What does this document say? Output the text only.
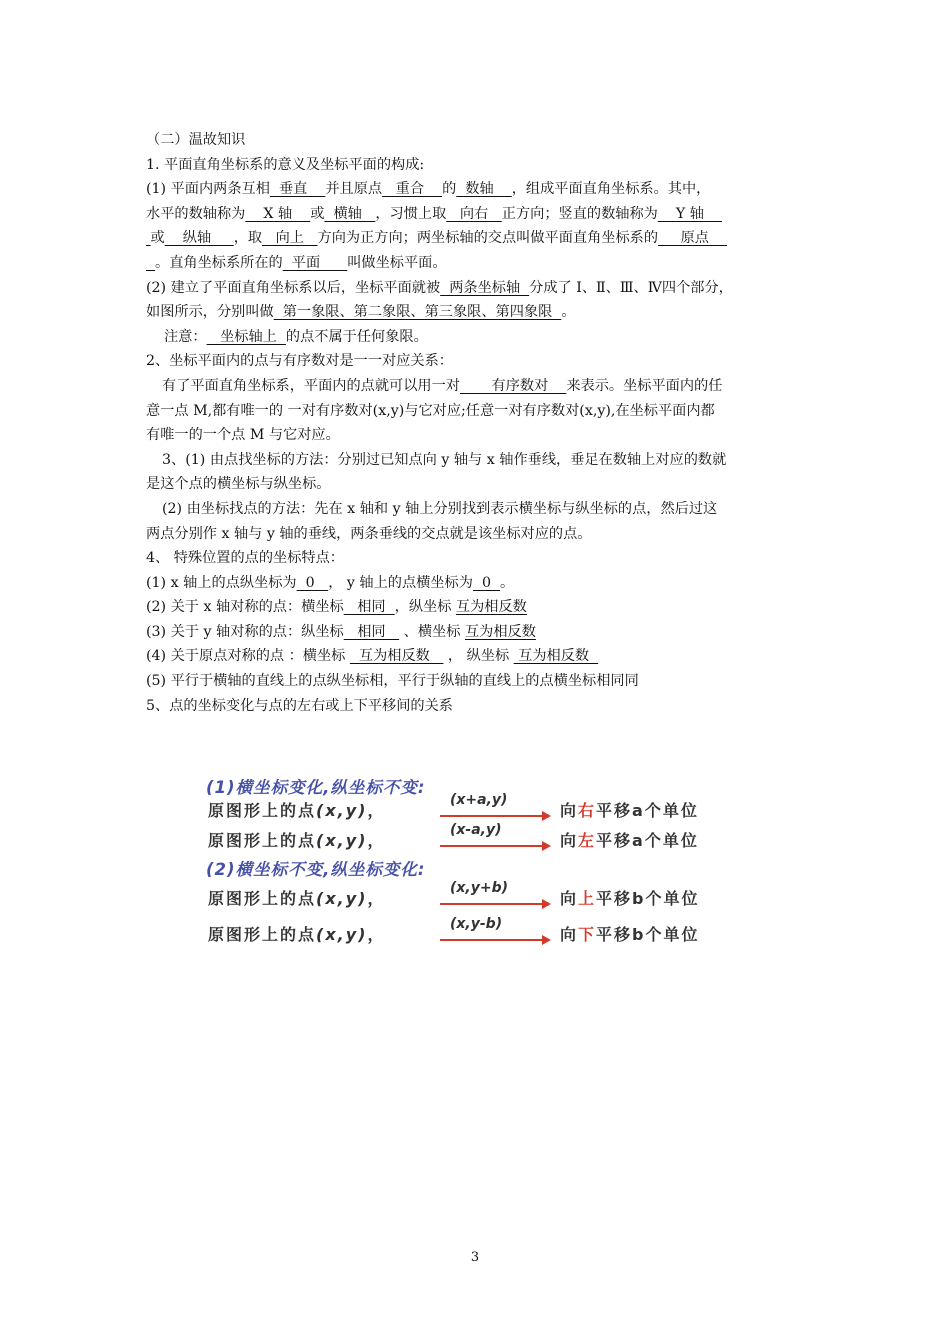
（二）温故知识
1. 平面直角坐标系的意义及坐标平面的构成:
(1) 平面内两条互相  垂直    并且原点   重合    的  数轴    ，组成平面直角坐标系。其中，
水平的数轴称为    X 轴    或  横轴   ，习惯上取   向右   正方向；竖直的数轴称为    Y 轴
或    纵轴     ，取   向上   方向为正方向；两坐标轴的交点叫做平面直角坐标系的     原点
。直角坐标系所在的  平面      叫做坐标平面。
(2) 建立了平面直角坐标系以后，坐标平面就被  两条坐标轴  分成了 Ⅰ、Ⅱ、Ⅲ、Ⅳ四个部分，
如图所示，分别叫做  第一象限、第二象限、第三象限、第四象限  。
注意：   坐标轴上  的点不属于任何象限。
2、坐标平面内的点与有序数对是一一对应关系：
有了平面直角坐标系，平面内的点就可以用一对       有序数对    来表示。坐标平面内的任
意一点 M,都有唯一的 一对有序数对(x,y)与它对应;任意一对有序数对(x,y),在坐标平面内都
有唯一的一个点 M 与它对应。
3、(1) 由点找坐标的方法：分别过已知点向 y 轴与 x 轴作垂线，垂足在数轴上对应的数就
是这个点的横坐标与纵坐标。
(2) 由坐标找点的方法：先在 x 轴和 y 轴上分别找到表示横坐标与纵坐标的点，然后过这
两点分别作 x 轴与 y 轴的垂线，两条垂线的交点就是该坐标对应的点。
4、 特殊位置的点的坐标特点：
(1) x 轴上的点纵坐标为  0   ， y 轴上的点横坐标为  0  。
(2) 关于 x 轴对称的点：横坐标   相同  ，纵坐标 互为相反数
(3) 关于 y 轴对称的点：纵坐标   相同    、横坐标 互为相反数
(4) 关于原点对称的点 ：横坐标   互为相反数    ， 纵坐标  互为相反数
(5) 平行于横轴的直线上的点纵坐标相，平行于纵轴的直线上的点横坐标相同同
5、点的坐标变化与点的左右或上下平移间的关系
(1)横坐标变化,纵坐标不变:
原图形上的点(x,y)，
(x+a,y)
向右平移a个单位
原图形上的点(x,y)，
(x-a,y)
向左平移a个单位
(2)横坐标不变,纵坐标变化:
原图形上的点(x,y)，
(x,y+b)
向上平移b个单位
原图形上的点(x,y)，
(x,y-b)
向下平移b个单位
3
